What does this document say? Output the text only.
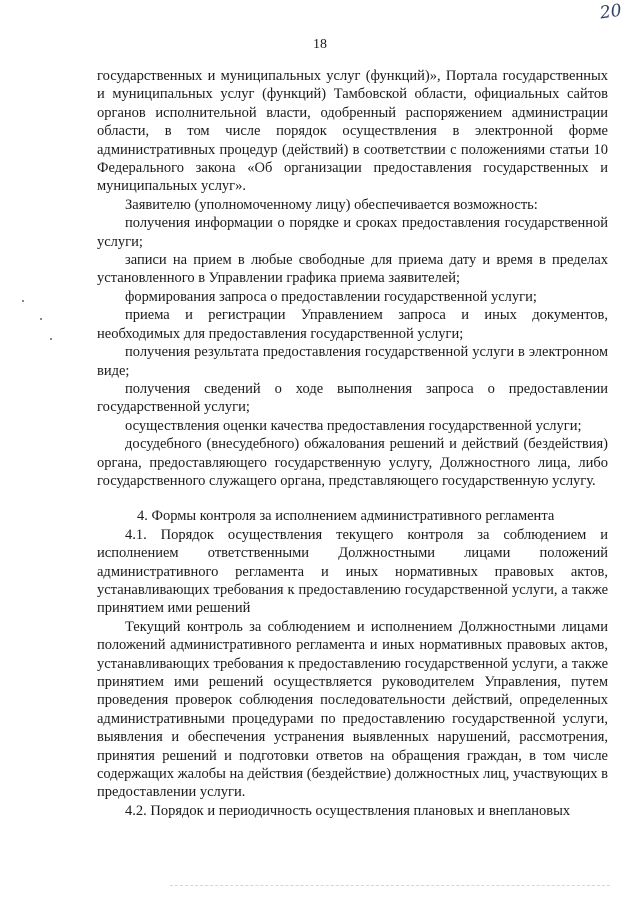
18
20

государственных и муниципальных услуг (функций)», Портала государственных и муниципальных услуг (функций) Тамбовской области, официальных сайтов органов исполнительной власти, одобренный распоряжением администрации области, в том числе порядок осуществления в электронной форме административных процедур (действий) в соответствии с положениями статьи 10 Федерального закона «Об организации предоставления государственных и муниципальных услуг».

Заявителю (уполномоченному лицу) обеспечивается возможность:

получения информации о порядке и сроках предоставления государственной услуги;

записи на прием в любые свободные для приема дату и время в пределах установленного в Управлении графика приема заявителей;

формирования запроса о предоставлении государственной услуги;

приема и регистрации Управлением запроса и иных документов, необходимых для предоставления государственной услуги;

получения результата предоставления государственной услуги в электронном виде;

получения сведений о ходе выполнения запроса о предоставлении государственной услуги;

осуществления оценки качества предоставления государственной услуги;

досудебного (внесудебного) обжалования решений и действий (бездействия) органа, предоставляющего государственную услугу, Должностного лица, либо государственного служащего органа, представляющего государственную услугу.

4. Формы контроля за исполнением административного регламента

4.1. Порядок осуществления текущего контроля за соблюдением и исполнением ответственными Должностными лицами положений административного регламента и иных нормативных правовых актов, устанавливающих требования к предоставлению государственной услуги, а также принятием ими решений

Текущий контроль за соблюдением и исполнением Должностными лицами положений административного регламента и иных нормативных правовых актов, устанавливающих требования к предоставлению государственной услуги, а также принятием ими решений осуществляется руководителем Управления, путем проведения проверок соблюдения последовательности действий, определенных административными процедурами по предоставлению государственной услуги, выявления и обеспечения устранения выявленных нарушений, рассмотрения, принятия решений и подготовки ответов на обращения граждан, в том числе содержащих жалобы на действия (бездействие) должностных лиц, участвующих в предоставлении услуги.

4.2. Порядок и периодичность осуществления плановых и внеплановых
